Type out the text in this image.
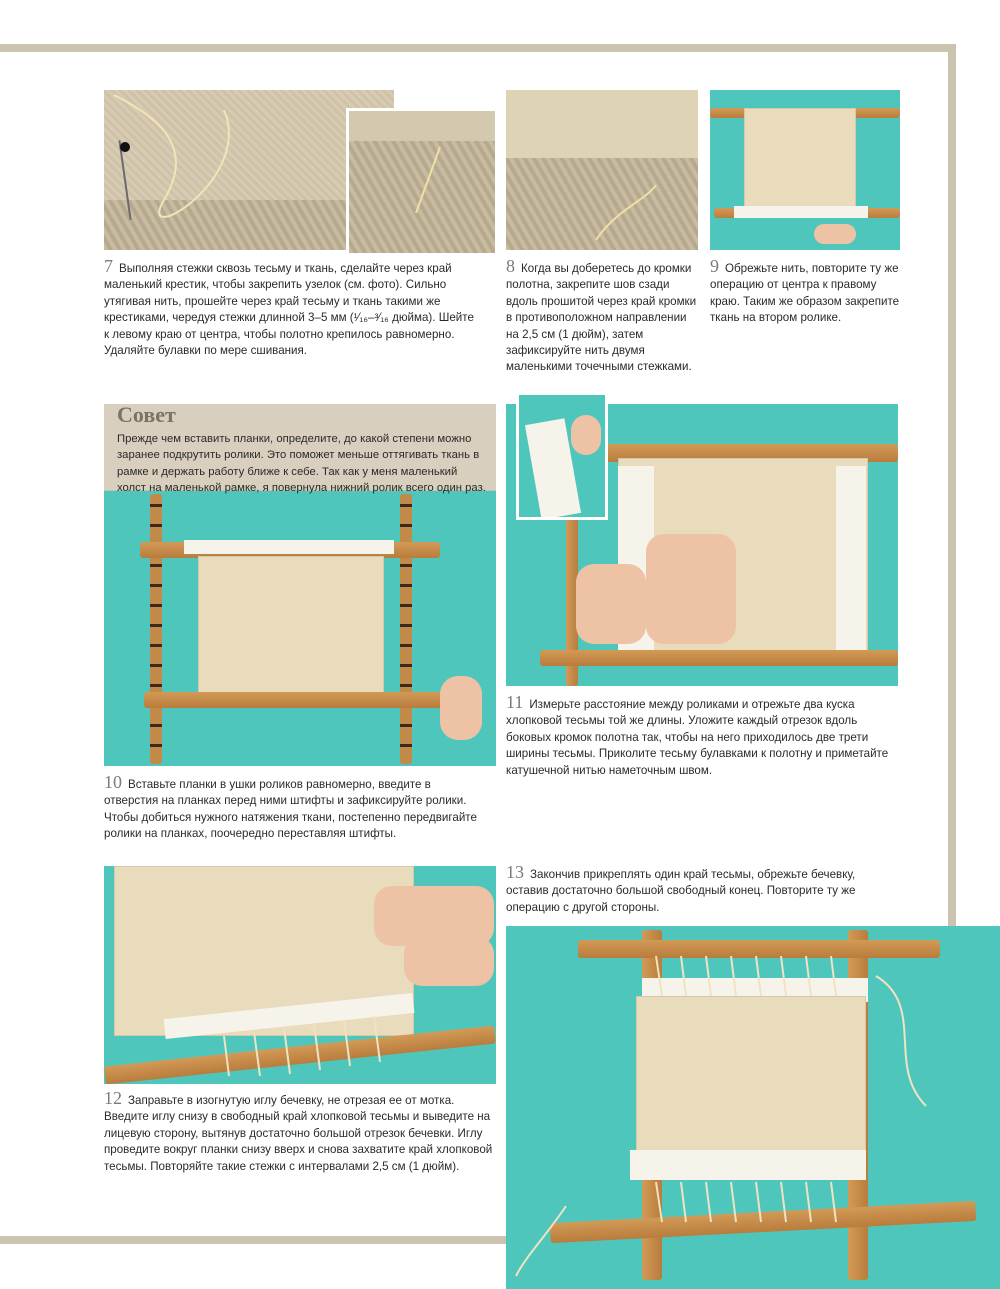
Совет
Прежде чем вставить планки, определите, до какой степени можно заранее подкрутить ролики. Это поможет меньше оттягивать ткань в рамке и держать работу ближе к себе. Так как у меня маленький холст на маленькой рамке, я повернула нижний ролик всего один раз.
7 Выполняя стежки сквозь тесьму и ткань, сделайте через край маленький крестик, чтобы закрепить узелок (см. фото). Сильно утягивая нить, прошейте через край тесьму и ткань такими же крестиками, чередуя стежки длинной 3–5 мм (¹⁄₁₆–³⁄₁₆ дюйма). Шейте к левому краю от центра, чтобы полотно крепилось равномерно. Удаляйте булавки по мере сшивания.
8 Когда вы доберетесь до кромки полотна, закрепите шов сзади вдоль прошитой через край кромки в противоположном направлении на 2,5 см (1 дюйм), затем зафиксируйте нить двумя маленькими точечными стежками.
9 Обрежьте нить, повторите ту же операцию от центра к правому краю. Таким же образом закрепите ткань на втором ролике.
10 Вставьте планки в ушки роликов равномерно, введите в отверстия на планках перед ними штифты и зафиксируйте ролики. Чтобы добиться нужного натяжения ткани, постепенно передвигайте ролики на планках, поочередно переставляя штифты.
11 Измерьте расстояние между роликами и отрежьте два куска хлопковой тесьмы той же длины. Уложите каждый отрезок вдоль боковых кромок полотна так, чтобы на него приходилось две трети ширины тесьмы. Приколите тесьму булавками к полотну и приметайте катушечной нитью наметочным швом.
12 Заправьте в изогнутую иглу бечевку, не отрезая ее от мотка. Введите иглу снизу в свободный край хлопковой тесьмы и выведите на лицевую сторону, вытянув достаточно большой отрезок бечевки. Иглу проведите вокруг планки снизу вверх и снова захватите край хлопковой тесьмы. Повторяйте такие стежки с интервалами 2,5 см (1 дюйм).
13 Закончив прикреплять один край тесьмы, обрежьте бечевку, оставив достаточно большой свободный конец. Повторите ту же операцию с другой стороны.
